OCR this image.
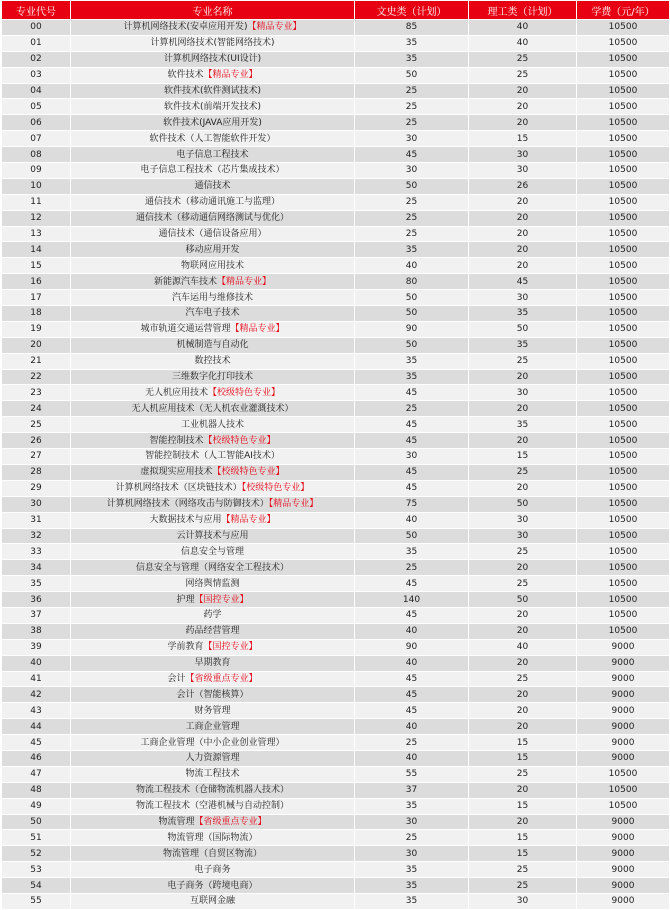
专业代号	专业名称	文史类（计划）	理工类（计划）	学费（元/年）
00	计算机网络技术(安卓应用开发)【精品专业】	85	40	10500
01	计算机网络技术(智能网络技术)	35	40	10500
02	计算机网络技术(UI设计)	35	25	10500
03	软件技术【精品专业】	50	25	10500
04	软件技术(软件测试技术)	25	20	10500
05	软件技术(前端开发技术)	25	20	10500
06	软件技术(JAVA应用开发)	25	20	10500
07	软件技术（人工智能软件开发）	30	15	10500
08	电子信息工程技术	45	30	10500
09	电子信息工程技术（芯片集成技术）	30	30	10500
10	通信技术	50	26	10500
11	通信技术（移动通讯施工与监理）	25	20	10500
12	通信技术（移动通信网络测试与优化）	25	20	10500
13	通信技术（通信设备应用）	25	20	10500
14	移动应用开发	35	20	10500
15	物联网应用技术	40	20	10500
16	新能源汽车技术【精品专业】	80	45	10500
17	汽车运用与维修技术	50	30	10500
18	汽车电子技术	50	35	10500
19	城市轨道交通运营管理【精品专业】	90	50	10500
20	机械制造与自动化	50	35	10500
21	数控技术	35	25	10500
22	三维数字化打印技术	35	20	10500
23	无人机应用技术【校级特色专业】	45	30	10500
24	无人机应用技术（无人机农业灌溉技术）	25	20	10500
25	工业机器人技术	45	35	10500
26	智能控制技术【校级特色专业】	45	20	10500
27	智能控制技术（人工智能AI技术）	30	15	10500
28	虚拟现实应用技术【校级特色专业】	45	25	10500
29	计算机网络技术（区块链技术）【校级特色专业】	45	20	10500
30	计算机网络技术（网络攻击与防御技术）【精品专业】	75	50	10500
31	大数据技术与应用【精品专业】	40	30	10500
32	云计算技术与应用	50	30	10500
33	信息安全与管理	35	25	10500
34	信息安全与管理（网络安全工程技术）	25	20	10500
35	网络舆情监测	45	25	10500
36	护理【国控专业】	140	50	10500
37	药学	45	20	10500
38	药品经营管理	40	20	10500
39	学前教育【国控专业】	90	40	9000
40	早期教育	40	20	9000
41	会计【省级重点专业】	45	25	9000
42	会计（智能核算）	45	20	9000
43	财务管理	45	20	9000
44	工商企业管理	40	20	9000
45	工商企业管理（中小企业创业管理）	25	15	9000
46	人力资源管理	40	15	9000
47	物流工程技术	55	25	10500
48	物流工程技术（仓储物流机器人技术）	37	20	10500
49	物流工程技术（空港机械与自动控制）	35	15	10500
50	物流管理【省级重点专业】	30	20	9000
51	物流管理（国际物流）	25	15	9000
52	物流管理（自贸区物流）	30	15	9000
53	电子商务	35	25	9000
54	电子商务（跨境电商）	35	25	9000
55	互联网金融	35	30	9000
